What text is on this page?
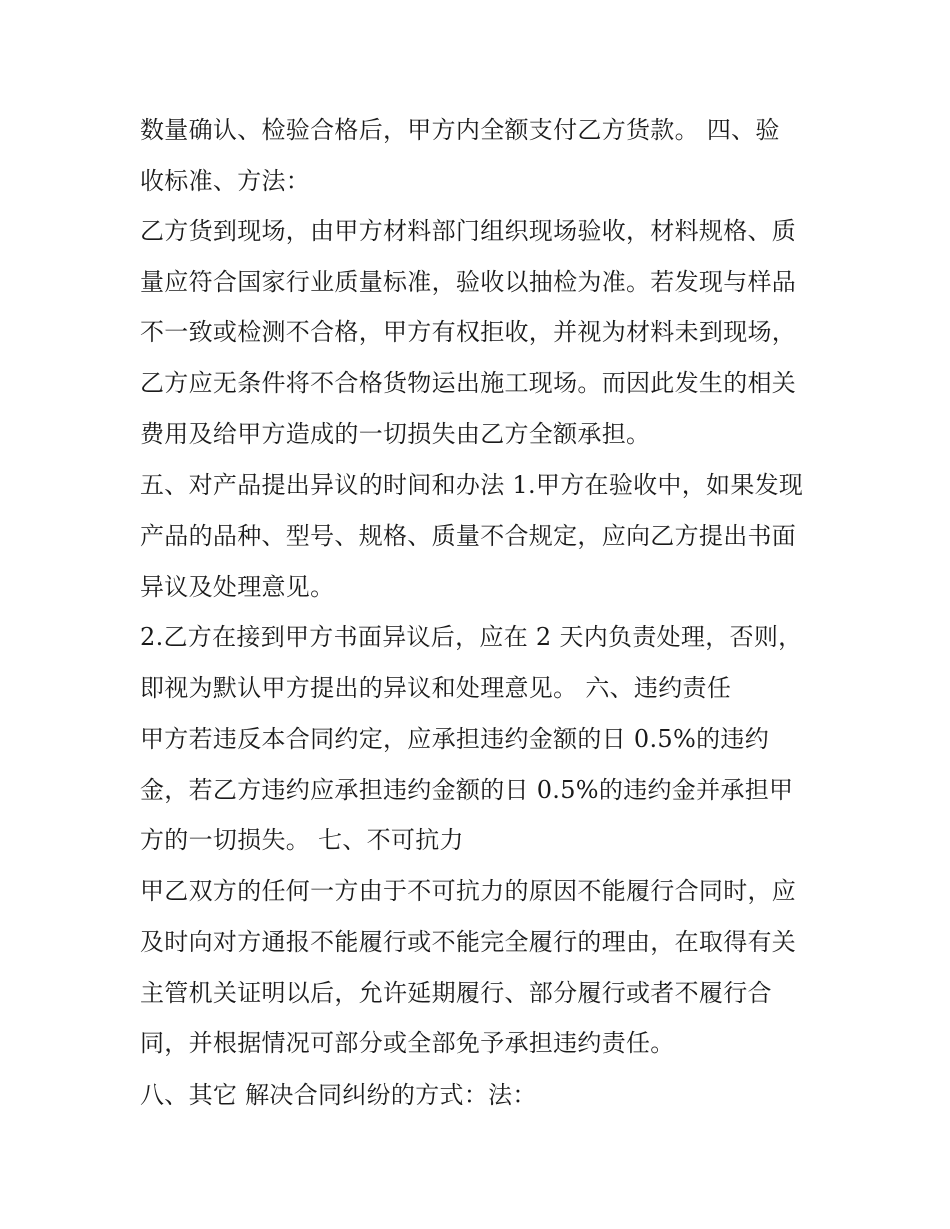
数量确认、检验合格后，甲方内全额支付乙方货款。 四、验
收标准、方法：
乙方货到现场，由甲方材料部门组织现场验收，材料规格、质
量应符合国家行业质量标准，验收以抽检为准。若发现与样品
不一致或检测不合格，甲方有权拒收，并视为材料未到现场，
乙方应无条件将不合格货物运出施工现场。而因此发生的相关
费用及给甲方造成的一切损失由乙方全额承担。
五、对产品提出异议的时间和办法 1.甲方在验收中，如果发现
产品的品种、型号、规格、质量不合规定，应向乙方提出书面
异议及处理意见。
2.乙方在接到甲方书面异议后，应在 2 天内负责处理，否则，
即视为默认甲方提出的异议和处理意见。 六、违约责任
甲方若违反本合同约定，应承担违约金额的日 0.5%的违约
金，若乙方违约应承担违约金额的日 0.5%的违约金并承担甲
方的一切损失。 七、不可抗力
甲乙双方的任何一方由于不可抗力的原因不能履行合同时，应
及时向对方通报不能履行或不能完全履行的理由，在取得有关
主管机关证明以后，允许延期履行、部分履行或者不履行合
同，并根据情况可部分或全部免予承担违约责任。
八、其它 解决合同纠纷的方式：法：
